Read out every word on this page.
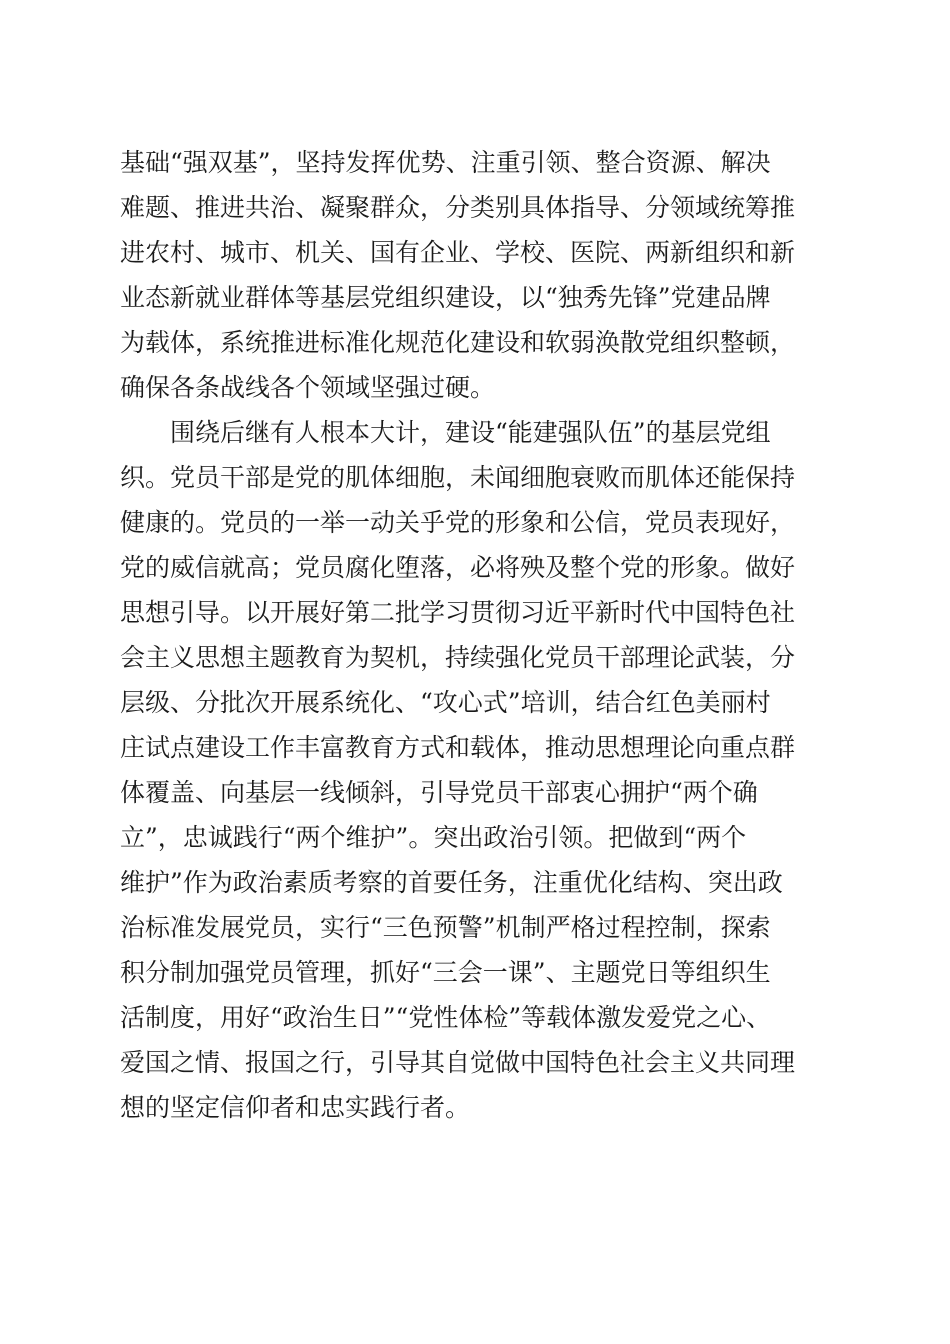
基础“强双基”，坚持发挥优势、注重引领、整合资源、解决
难题、推进共治、凝聚群众，分类别具体指导、分领域统筹推
进农村、城市、机关、国有企业、学校、医院、两新组织和新
业态新就业群体等基层党组织建设，以“独秀先锋”党建品牌
为载体，系统推进标准化规范化建设和软弱涣散党组织整顿，
确保各条战线各个领域坚强过硬。
　　围绕后继有人根本大计，建设“能建强队伍”的基层党组
织。党员干部是党的肌体细胞，未闻细胞衰败而肌体还能保持
健康的。党员的一举一动关乎党的形象和公信，党员表现好，
党的威信就高；党员腐化堕落，必将殃及整个党的形象。做好
思想引导。以开展好第二批学习贯彻习近平新时代中国特色社
会主义思想主题教育为契机，持续强化党员干部理论武装，分
层级、分批次开展系统化、“攻心式”培训，结合红色美丽村
庄试点建设工作丰富教育方式和载体，推动思想理论向重点群
体覆盖、向基层一线倾斜，引导党员干部衷心拥护“两个确
立”，忠诚践行“两个维护”。突出政治引领。把做到“两个
维护”作为政治素质考察的首要任务，注重优化结构、突出政
治标准发展党员，实行“三色预警”机制严格过程控制，探索
积分制加强党员管理，抓好“三会一课”、主题党日等组织生
活制度，用好“政治生日”“党性体检”等载体激发爱党之心、
爱国之情、报国之行，引导其自觉做中国特色社会主义共同理
想的坚定信仰者和忠实践行者。
